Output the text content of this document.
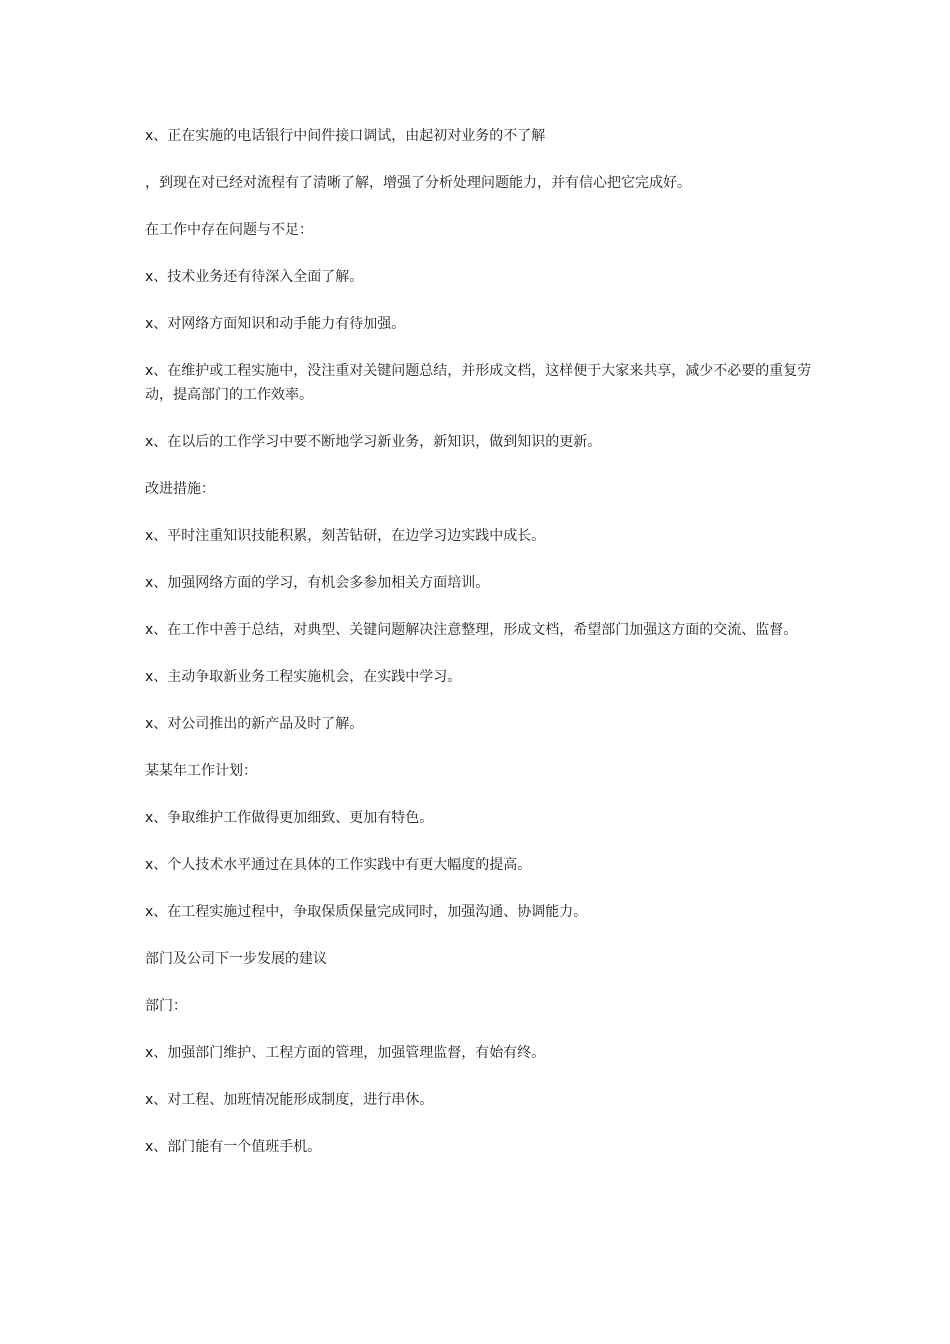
x、正在实施的电话银行中间件接口调试，由起初对业务的不了解

，到现在对已经对流程有了清晰了解，增强了分析处理问题能力，并有信心把它完成好。

在工作中存在问题与不足：

x、技术业务还有待深入全面了解。

x、对网络方面知识和动手能力有待加强。

x、在维护或工程实施中，没注重对关键问题总结，并形成文档，这样便于大家来共享，减少不必要的重复劳动，提高部门的工作效率。

x、在以后的工作学习中要不断地学习新业务，新知识，做到知识的更新。

改进措施：

x、平时注重知识技能积累，刻苦钻研，在边学习边实践中成长。

x、加强网络方面的学习，有机会多参加相关方面培训。

x、在工作中善于总结，对典型、关键问题解决注意整理，形成文档，希望部门加强这方面的交流、监督。

x、主动争取新业务工程实施机会，在实践中学习。

x、对公司推出的新产品及时了解。

某某年工作计划：

x、争取维护工作做得更加细致、更加有特色。

x、个人技术水平通过在具体的工作实践中有更大幅度的提高。

x、在工程实施过程中，争取保质保量完成同时，加强沟通、协调能力。

部门及公司下一步发展的建议

部门：

x、加强部门维护、工程方面的管理，加强管理监督，有始有终。

x、对工程、加班情况能形成制度，进行串休。

x、部门能有一个值班手机。
